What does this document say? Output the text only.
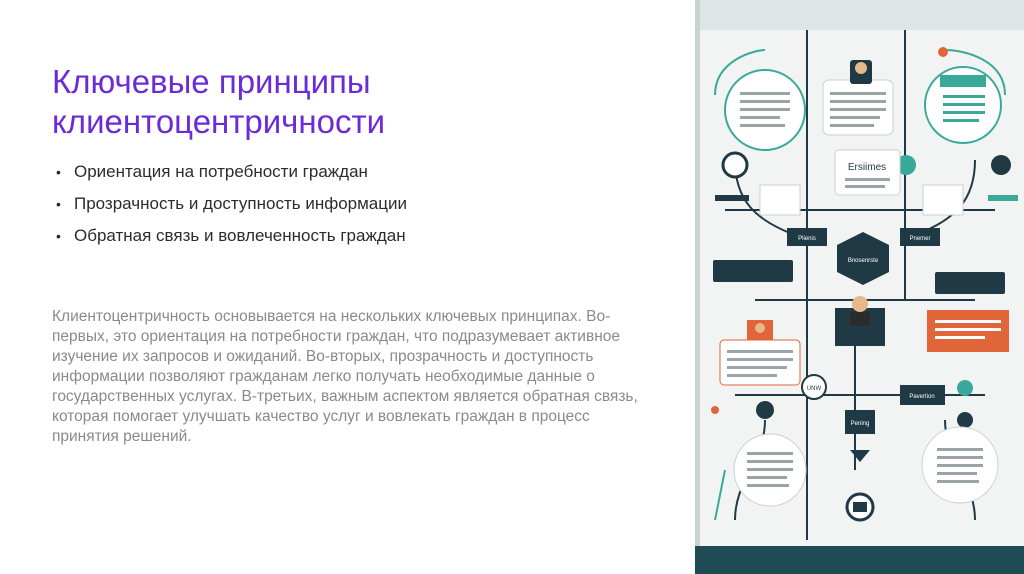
Ключевые принципы клиентоцентричности
• Ориентация на потребности граждан
• Прозрачность и доступность информации
• Обратная связь и вовлеченность граждан

Клиентоцентричность основывается на нескольких ключевых принципах. Во-первых, это ориентация на потребности граждан, что подразумевает активное изучение их запросов и ожиданий. Во-вторых, прозрачность и доступность информации позволяют гражданам легко получать необходимые данные о государственных услугах. В-третьих, важным аспектом является обратная связь, которая помогает улучшать качество услуг и вовлекать граждан в процесс принятия решений.

Ersiimes
Plienis	Pnemer
Bnosenrste
UNW
Pavertion
Pening
